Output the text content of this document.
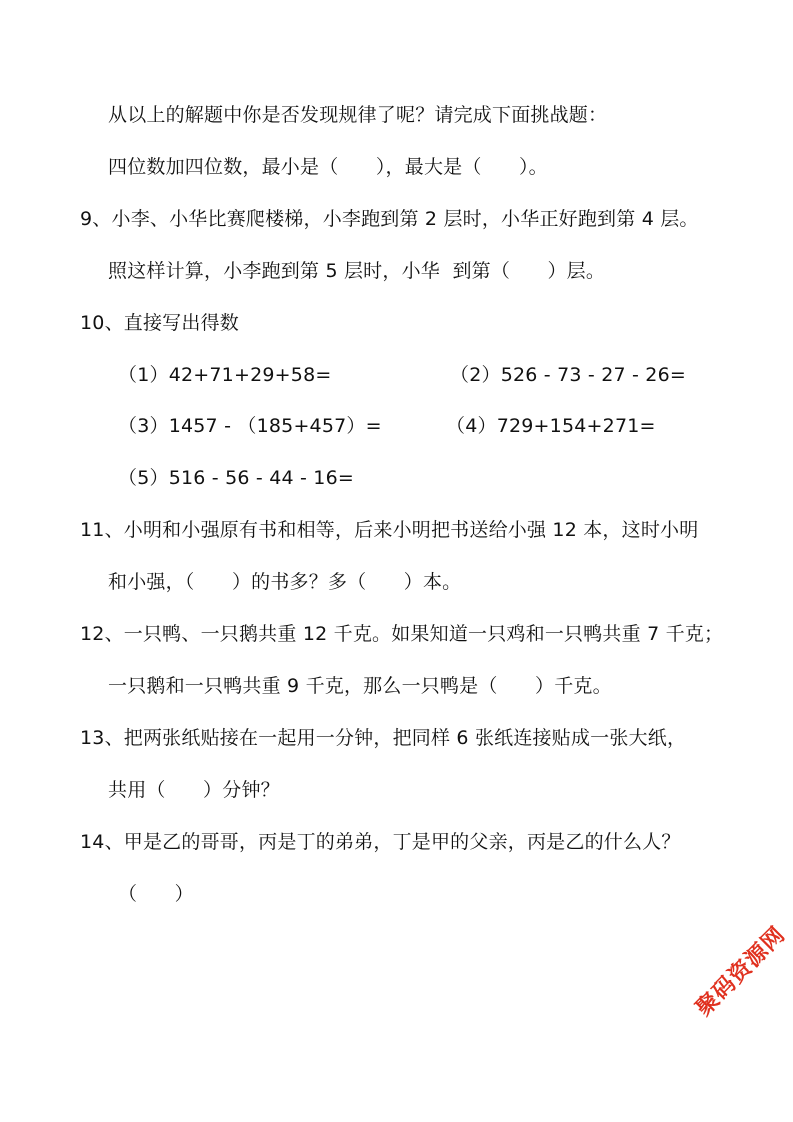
从以上的解题中你是否发现规律了呢？请完成下面挑战题：
四位数加四位数，最小是（      ），最大是（      ）。
9、小李、小华比赛爬楼梯，小李跑到第 2 层时，小华正好跑到第 4 层。
照这样计算，小李跑到第 5 层时，小华  到第（      ）层。
10、直接写出得数
（1）42+71+29+58=	（2）526 - 73 - 27 - 26=
（3）1457 - （185+457）=	（4）729+154+271=
（5）516 - 56 - 44 - 16=
11、小明和小强原有书和相等，后来小明把书送给小强 12 本，这时小明
和小强，（      ）的书多？多（      ）本。
12、一只鸭、一只鹅共重 12 千克。如果知道一只鸡和一只鸭共重 7 千克；
一只鹅和一只鸭共重 9 千克，那么一只鸭是（      ）千克。
13、把两张纸贴接在一起用一分钟，把同样 6 张纸连接贴成一张大纸，
共用（      ）分钟？
14、甲是乙的哥哥，丙是丁的弟弟，丁是甲的父亲，丙是乙的什么人？
（      ）
聚码资源网
